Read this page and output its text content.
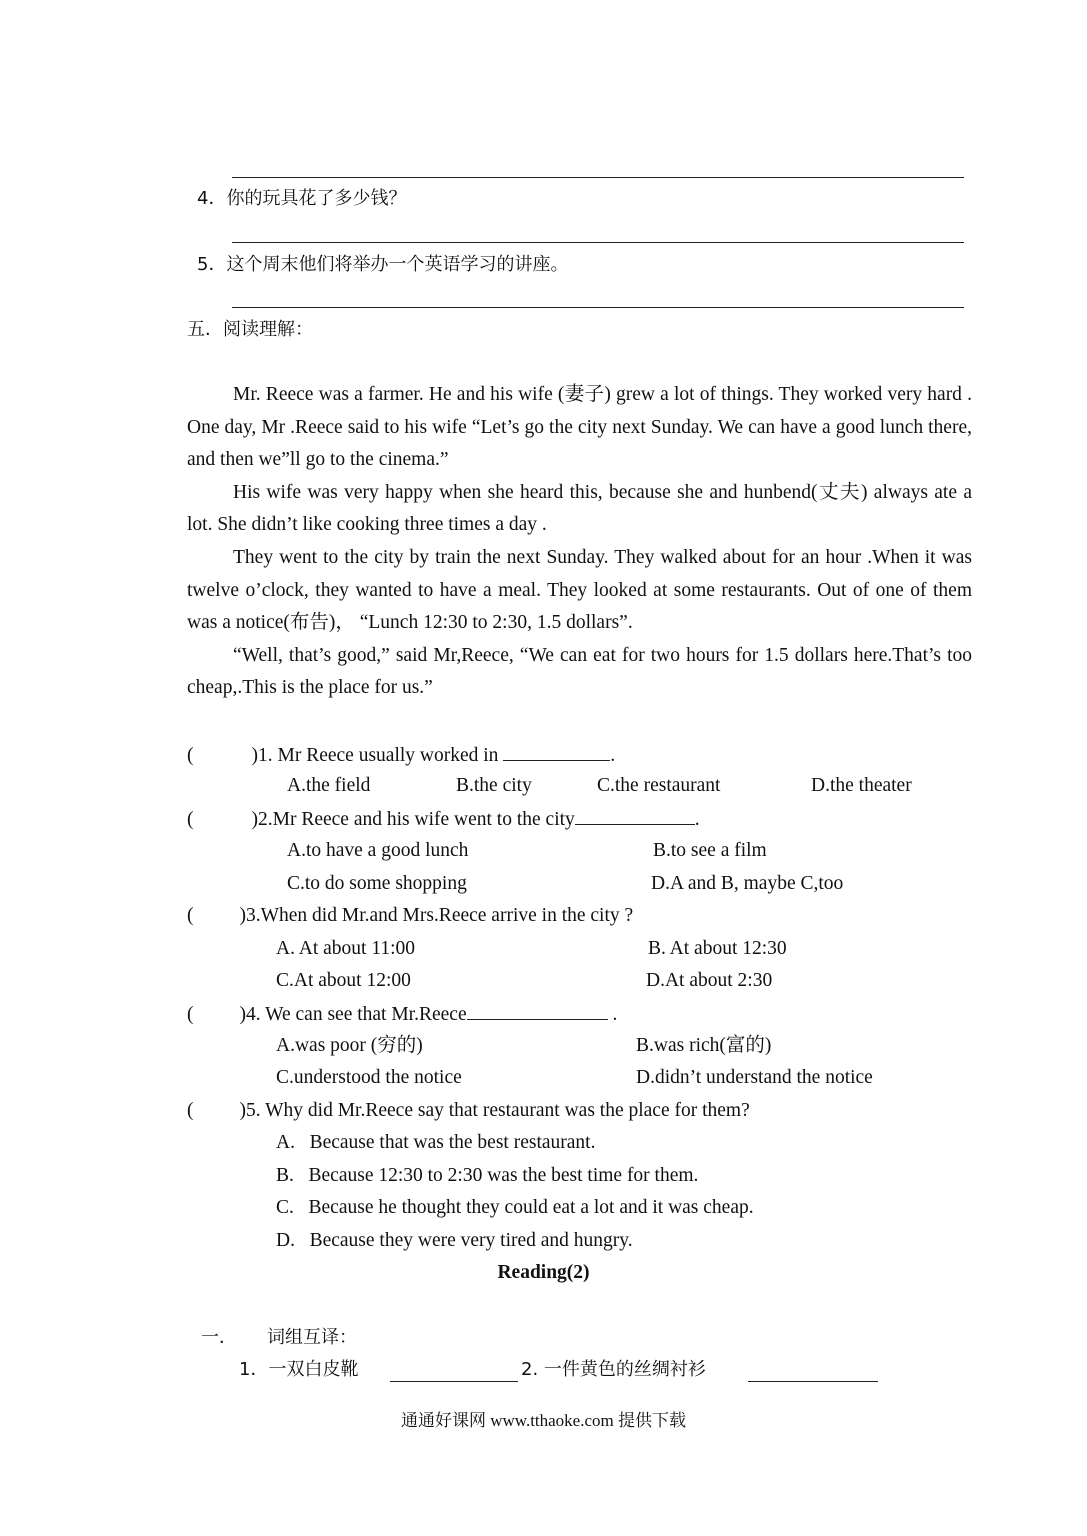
4．你的玩具花了多少钱？
5．这个周末他们将举办一个英语学习的讲座。
五．阅读理解：

Mr. Reece was a farmer. He and his wife (妻子) grew a lot of things. They worked very hard . One day, Mr .Reece said to his wife “Let’s go the city next Sunday. We can have a good lunch there, and then we”ll go to the cinema.”

His wife was very happy when she heard this, because she and hunbend(丈夫) always ate a lot. She didn’t like cooking three times a day .

They went to the city by train the next Sunday. They walked about for an hour .When it was twelve o’clock, they wanted to have a meal. They looked at some restaurants. Out of one of them was a notice(布告)， “Lunch 12:30 to 2:30, 1.5 dollars”.

“Well, that’s good,” said Mr,Reece, “We can eat for two hours for 1.5 dollars here.That’s too cheap,.This is the place for us.”

(	)1. Mr Reece usually worked in	.
A.the field	B.the city	C.the restaurant	D.the theater
(	)2.Mr Reece and his wife went to the city	.
A.to have a good lunch	B.to see a film
C.to do some shopping	D.A and B, maybe C,too
( )3.When did Mr.and Mrs.Reece arrive in the city ?
A. At about 11:00	B. At about 12:30
C.At about 12:00	D.At about 2:30
( )4. We can see that Mr.Reece	.
A.was poor (穷的)	B.was rich(富的)
C.understood the notice	D.didn’t understand the notice
( )5. Why did Mr.Reece say that restaurant was the place for them?
A.   Because that was the best restaurant.
B.   Because 12:30 to 2:30 was the best time for them.
C.   Because he thought they could eat a lot and it was cheap.
D.   Because they were very tired and hungry.
Reading(2)
一． 词组互译：
1．一双白皮靴	2. 一件黄色的丝绸衬衫
通通好课网 www.tthaoke.com 提供下载
